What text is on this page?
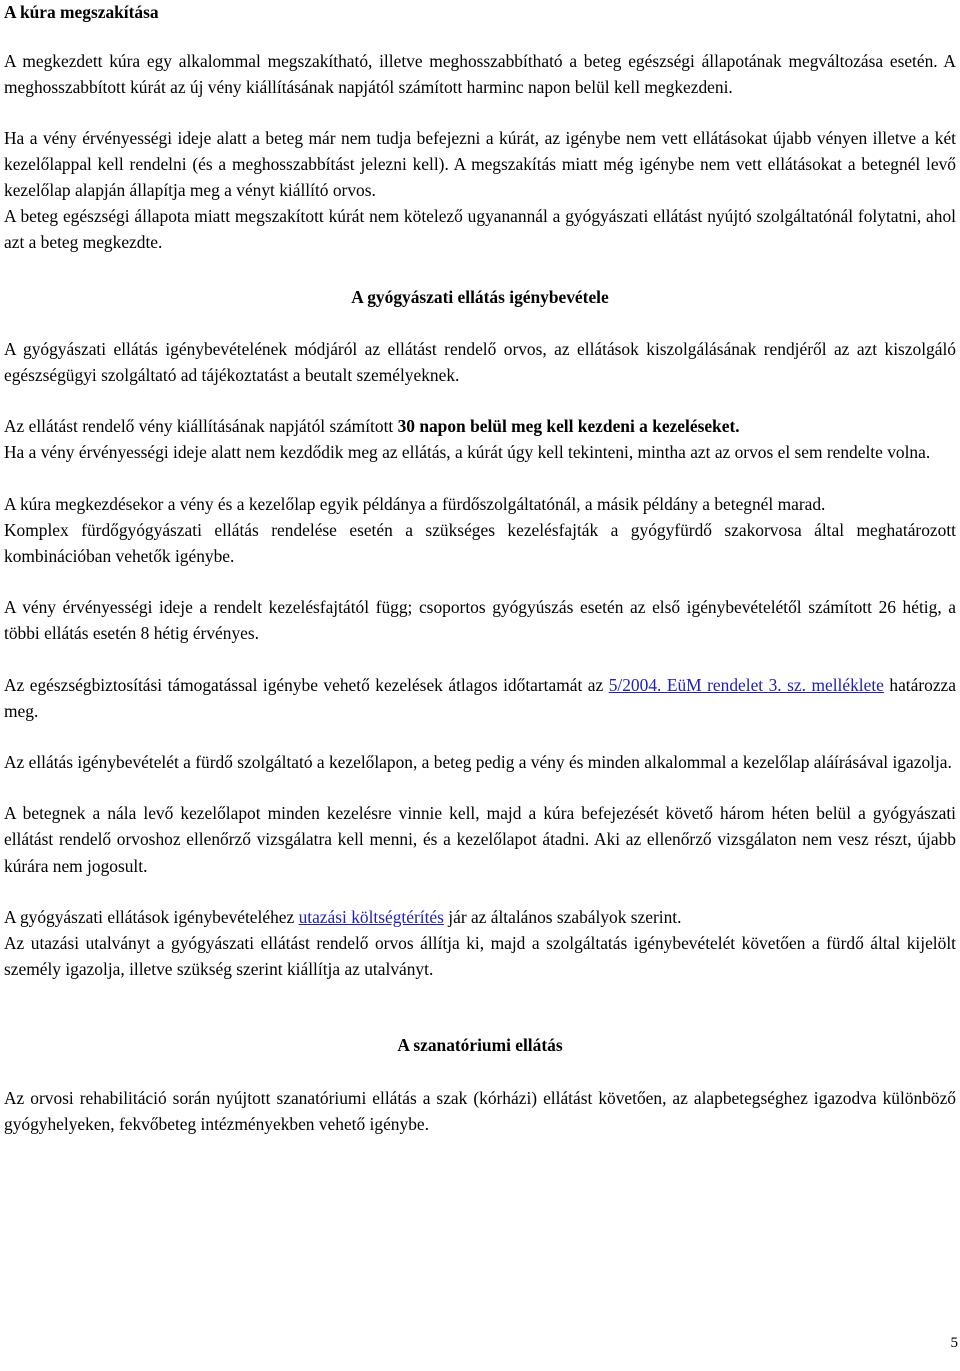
A kúra megszakítása

A megkezdett kúra egy alkalommal megszakítható, illetve meghosszabbítható a beteg egészségi állapotának megváltozása esetén. A meghosszabbított kúrát az új vény kiállításának napjától számított harminc napon belül kell megkezdeni.

Ha a vény érvényességi ideje alatt a beteg már nem tudja befejezni a kúrát, az igénybe nem vett ellátásokat újabb vényen illetve a két kezelőlappal kell rendelni (és a meghosszabbítást jelezni kell). A megszakítás miatt még igénybe nem vett ellátásokat a betegnél levő kezelőlap alapján állapítja meg a vényt kiállító orvos.

A beteg egészségi állapota miatt megszakított kúrát nem kötelező ugyanannál a gyógyászati ellátást nyújtó szolgáltatónál folytatni, ahol azt a beteg megkezdte.

A gyógyászati ellátás igénybevétele

A gyógyászati ellátás igénybevételének módjáról az ellátást rendelő orvos, az ellátások kiszolgálásának rendjéről az azt kiszolgáló egészségügyi szolgáltató ad tájékoztatást a beutalt személyeknek.

Az ellátást rendelő vény kiállításának napjától számított 30 napon belül meg kell kezdeni a kezeléseket.

Ha a vény érvényességi ideje alatt nem kezdődik meg az ellátás, a kúrát úgy kell tekinteni, mintha azt az orvos el sem rendelte volna.

A kúra megkezdésekor a vény és a kezelőlap egyik példánya a fürdőszolgáltatónál, a másik példány a betegnél marad.

Komplex fürdőgyógyászati ellátás rendelése esetén a szükséges kezelésfajták a gyógyfürdő szakorvosa által meghatározott kombinációban vehetők igénybe.

A vény érvényességi ideje a rendelt kezelésfajtától függ; csoportos gyógyúszás esetén az első igénybevételétől számított 26 hétig, a többi ellátás esetén 8 hétig érvényes.

Az egészségbiztosítási támogatással igénybe vehető kezelések átlagos időtartamát az 5/2004. EüM rendelet 3. sz. melléklete határozza meg.

Az ellátás igénybevételét a fürdő szolgáltató a kezelőlapon, a beteg pedig a vény és minden alkalommal a kezelőlap aláírásával igazolja.

A betegnek a nála levő kezelőlapot minden kezelésre vinnie kell, majd a kúra befejezését követő három héten belül a gyógyászati ellátást rendelő orvoshoz ellenőrző vizsgálatra kell menni, és a kezelőlapot átadni. Aki az ellenőrző vizsgálaton nem vesz részt, újabb kúrára nem jogosult.

A gyógyászati ellátások igénybevételéhez utazási költségtérítés jár az általános szabályok szerint.

Az utazási utalványt a gyógyászati ellátást rendelő orvos állítja ki, majd a szolgáltatás igénybevételét követően a fürdő által kijelölt személy igazolja, illetve szükség szerint kiállítja az utalványt.

A szanatóriumi ellátás

Az orvosi rehabilitáció során nyújtott szanatóriumi ellátás a szak (kórházi) ellátást követően, az alapbetegséghez igazodva különböző gyógyhelyeken, fekvőbeteg intézményekben vehető igénybe.

5
